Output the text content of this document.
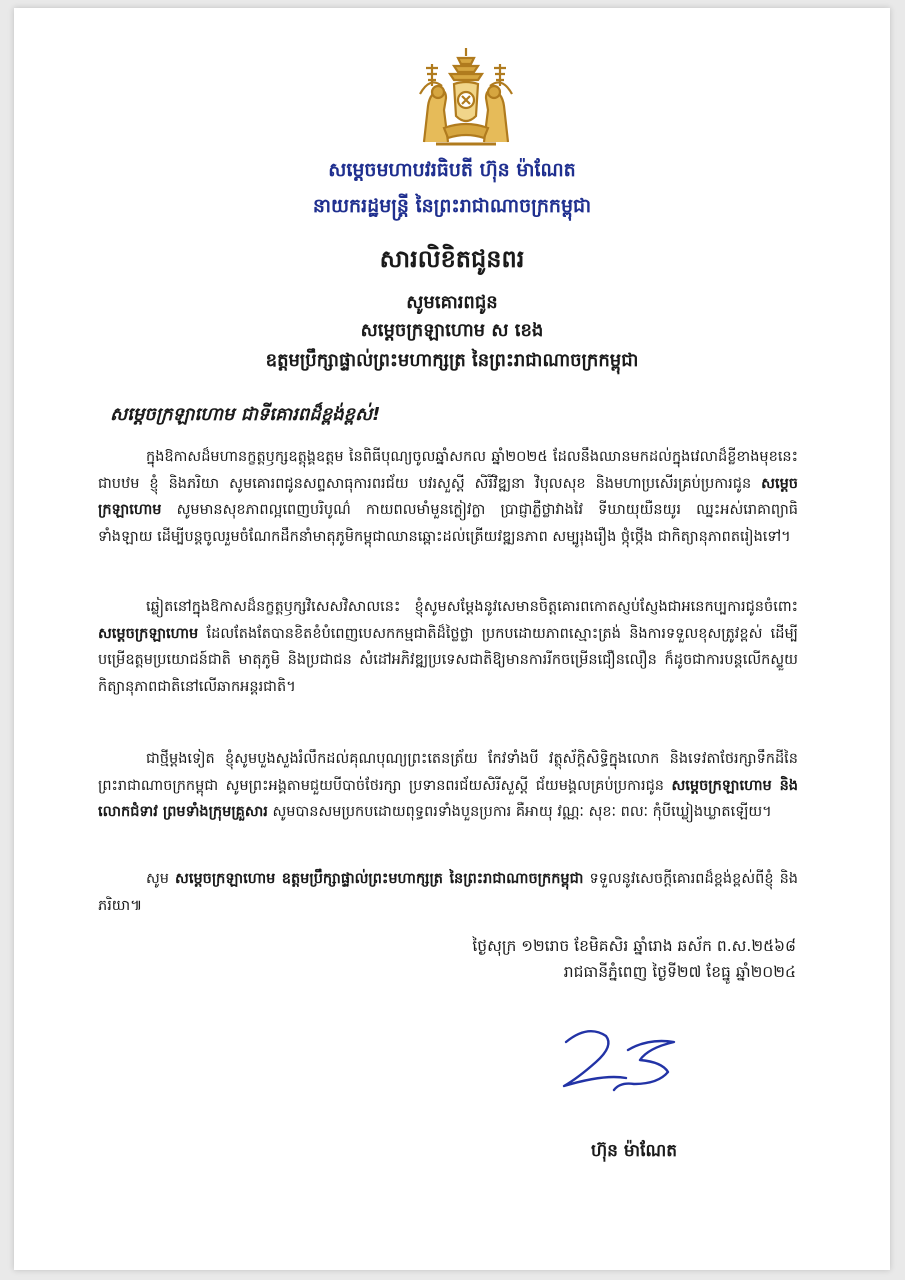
សម្ដេចមហាបវរធិបតី ហ៊ុន ម៉ាណែត
នាយករដ្ឋមន្ត្រី នៃព្រះរាជាណាចក្រកម្ពុជា
សារលិខិតជូនពរ
សូមគោរពជូន
សម្ដេចក្រឡាហោម ស ខេង
ឧត្តមប្រឹក្សាផ្ទាល់ព្រះមហាក្សត្រ នៃព្រះរាជាណាចក្រកម្ពុជា
សម្ដេចក្រឡាហោម ជាទីគោរពដ៏ខ្ពង់ខ្ពស់!

ក្នុងឱកាសដ៏មហានក្ខត្តឫក្សឧត្ដុង្គឧត្ដម នៃពិធីបុណ្យចូលឆ្នាំសកល ឆ្នាំ២០២៥ ដែលនឹងឈានមកដល់ក្នុងវេលាដ៏ខ្លីខាងមុខនេះ ជាបឋម ខ្ញុំ និងភរិយា សូមគោរពជូនសព្ទសាធុការពរជ័យ បវរសួស្ដី សិរីវិឌ្ឍនា វិបុលសុខ និងមហាប្រសើរគ្រប់ប្រការជូន សម្ដេចក្រឡាហោម សូមមានសុខភាពល្អពេញបរិបូណ៌ កាយពលមាំមួនក្លៀវក្លា ប្រាជ្ញាភ្លឺថ្លាវាងវៃ ទីឃាយុយឺនយូរ ឈ្នះអស់រោគាព្យាធិទាំងឡាយ ដើម្បីបន្ដចូលរួមចំណែកដឹកនាំមាតុភូមិកម្ពុជាឈានឆ្ពោះដល់ត្រើយវឌ្ឍនភាព សម្បូរុងរឿង ថ្កុំថ្កើង ជាកិត្យានុភាពតរៀងទៅ។

ឆ្លៀតនៅក្នុងឱកាសដ៏នក្ខត្តឫក្សវិសេសវិសាលនេះ ខ្ញុំសូមសម្ដែងនូវសេមានចិត្តគោរពកោតស្ញប់ស្ញែងជាអនេកប្បការជូនចំពោះ សម្ដេចក្រឡាហោម ដែលតែងតែបានខិតខំបំពេញបេសកកម្មជាតិដ៏ថ្លៃថ្លា ប្រកបដោយភាពស្មោះត្រង់ និងការទទួលខុសត្រូវខ្ពស់ ដើម្បីបម្រើឧត្តមប្រយោជន៍ជាតិ មាតុភូមិ និងប្រជាជន សំដៅអភិវឌ្ឍប្រទេសជាតិឱ្យមានការរីកចម្រើនជឿនលឿន ក៏ដូចជាការបន្ដលើកស្ទួយកិត្យានុភាពជាតិនៅលើឆាកអន្ដរជាតិ។

ជាថ្មីម្ដងទៀត ខ្ញុំសូមបួងសួងរំលឹកដល់គុណបុណ្យព្រះតេនត្រ័យ កែវទាំងបី វត្ថុស័ក្ដិសិទ្ធិក្នុងលោក និងទេវតាថែរក្សាទឹកដីនៃព្រះរាជាណាចក្រកម្ពុជា សូមព្រះអង្គតាមជួយបីបាច់ថែរក្សា ប្រទានពរជ័យសិរីសួស្ដី ជ័យមង្គលគ្រប់ប្រការជូន សម្ដេចក្រឡាហោម និងលោកជំទាវ ព្រមទាំងក្រុមគ្រួសារ សូមបានសមប្រកបដោយពុទ្ធពរទាំងបួនប្រការ គឺអាយុ វណ្ណៈ សុខៈ ពលៈ កុំបីឃ្លៀងឃ្លាតឡើយ។

សូម សម្ដេចក្រឡាហោម ឧត្តមប្រឹក្សាផ្ទាល់ព្រះមហាក្សត្រ នៃព្រះរាជាណាចក្រកម្ពុជា ទទួលនូវសេចក្ដីគោរពដ៏ខ្ពង់ខ្ពស់ពីខ្ញុំ និងភរិយា៕

ថ្ងៃសុក្រ ១២រោច ខែមិគសិរ ឆ្នាំរោង ឆស័ក ព.ស.២៥៦៨
រាជធានីភ្នំពេញ ថ្ងៃទី២៧ ខែធ្នូ ឆ្នាំ២០២៤
ហ៊ុន ម៉ាណែត
